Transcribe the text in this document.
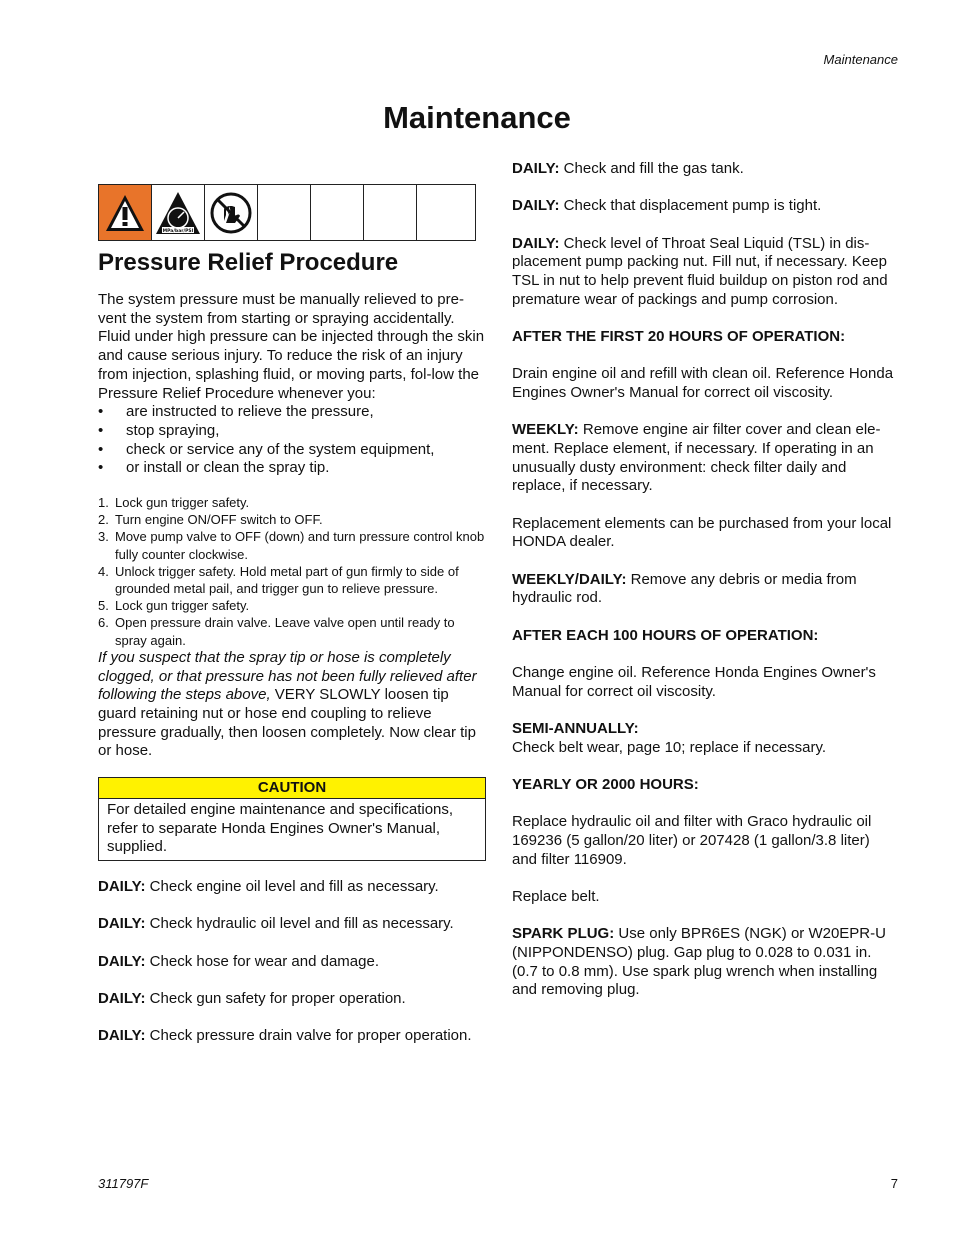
Maintenance
Maintenance
MPa/bar/PSI
Pressure Relief Procedure

The system pressure must be manually relieved to pre-vent the system from starting or spraying accidentally. Fluid under high pressure can be injected through the skin and cause serious injury. To reduce the risk of an injury from injection, splashing fluid, or moving parts, fol-low the Pressure Relief Procedure whenever you:

•	are instructed to relieve the pressure,
•	stop spraying,
•	check or service any of the system equipment,
•	or install or clean the spray tip.
1. Lock gun trigger safety.
2. Turn engine ON/OFF switch to OFF.
3. Move pump valve to OFF (down) and turn pressure control knob fully counter clockwise.
4. Unlock trigger safety. Hold metal part of gun firmly to side of grounded metal pail, and trigger gun to relieve pressure.
5. Lock gun trigger safety.
6. Open pressure drain valve. Leave valve open until ready to spray again.

If you suspect that the spray tip or hose is completely clogged, or that pressure has not been fully relieved after following the steps above, VERY SLOWLY loosen tip guard retaining nut or hose end coupling to relieve pressure gradually, then loosen completely. Now clear tip or hose.

CAUTION
For detailed engine maintenance and specifications, refer to separate Honda Engines Owner's Manual, supplied.
DAILY: Check engine oil level and fill as necessary.
DAILY: Check hydraulic oil level and fill as necessary.
DAILY: Check hose for wear and damage.
DAILY: Check gun safety for proper operation.
DAILY: Check pressure drain valve for proper operation.
DAILY: Check and fill the gas tank.
DAILY: Check that displacement pump is tight.
DAILY: Check level of Throat Seal Liquid (TSL) in dis-placement pump packing nut. Fill nut, if necessary. Keep TSL in nut to help prevent fluid buildup on piston rod and premature wear of packings and pump corrosion.
AFTER THE FIRST 20 HOURS OF OPERATION:
Drain engine oil and refill with clean oil. Reference Honda Engines Owner's Manual for correct oil viscosity.
WEEKLY: Remove engine air filter cover and clean ele-ment. Replace element, if necessary. If operating in an unusually dusty environment: check filter daily and replace, if necessary.
Replacement elements can be purchased from your local HONDA dealer.
WEEKLY/DAILY: Remove any debris or media from hydraulic rod.
AFTER EACH 100 HOURS OF OPERATION:
Change engine oil. Reference Honda Engines Owner's Manual for correct oil viscosity.
SEMI-ANNUALLY:
Check belt wear, page 10; replace if necessary.
YEARLY OR 2000 HOURS:
Replace hydraulic oil and filter with Graco hydraulic oil 169236 (5 gallon/20 liter) or 207428 (1 gallon/3.8 liter) and filter 116909.
Replace belt.
SPARK PLUG: Use only BPR6ES (NGK) or W20EPR-U (NIPPONDENSO) plug. Gap plug to 0.028 to 0.031 in. (0.7 to 0.8 mm). Use spark plug wrench when installing and removing plug.
311797F	7
